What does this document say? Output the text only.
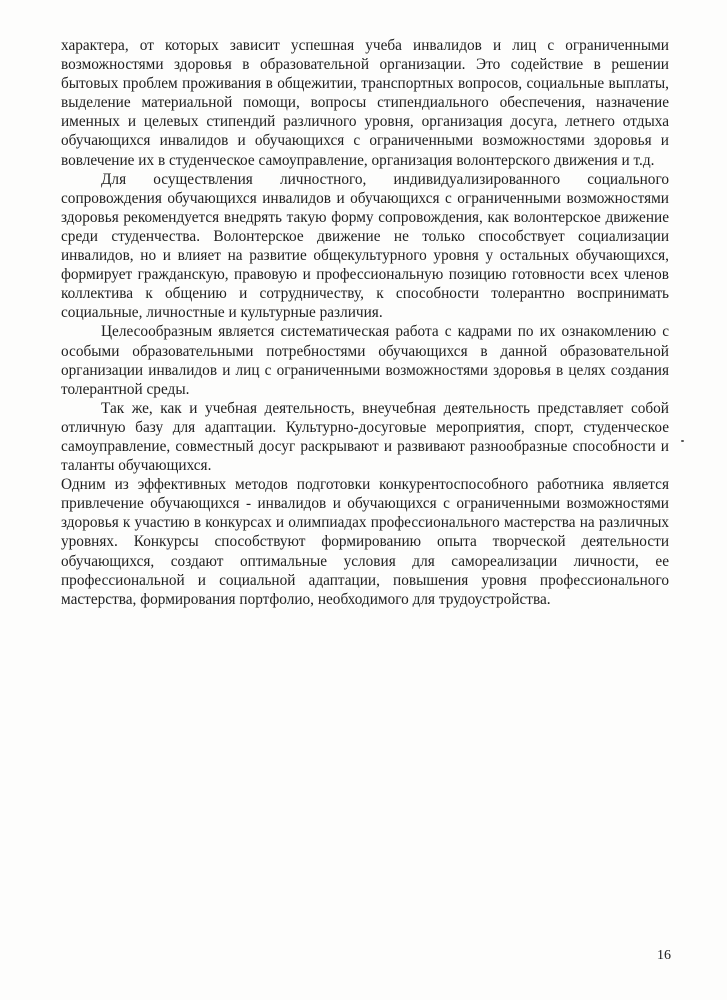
характера, от которых зависит успешная учеба инвалидов и лиц с ограниченными возможностями здоровья в образовательной организации. Это содействие в решении бытовых проблем проживания в общежитии, транспортных вопросов, социальные выплаты, выделение материальной помощи, вопросы стипендиального обеспечения, назначение именных и целевых стипендий различного уровня, организация досуга, летнего отдыха обучающихся инвалидов и обучающихся с ограниченными возможностями здоровья и вовлечение их в студенческое самоуправление, организация волонтерского движения и т.д.

Для осуществления личностного, индивидуализированного социального сопровождения обучающихся инвалидов и обучающихся с ограниченными возможностями здоровья рекомендуется внедрять такую форму сопровождения, как волонтерское движение среди студенчества. Волонтерское движение не только способствует социализации инвалидов, но и влияет на развитие общекультурного уровня у остальных обучающихся, формирует гражданскую, правовую и профессиональную позицию готовности всех членов коллектива к общению и сотрудничеству, к способности толерантно воспринимать социальные, личностные и культурные различия.

Целесообразным является систематическая работа с кадрами по их ознакомлению с особыми образовательными потребностями обучающихся в данной образовательной организации инвалидов и лиц с ограниченными возможностями здоровья в целях создания толерантной среды.

Так же, как и учебная деятельность, внеучебная деятельность представляет собой отличную базу для адаптации. Культурно-досуговые мероприятия, спорт, студенческое самоуправление, совместный досуг раскрывают и развивают разнообразные способности и таланты обучающихся.

Одним из эффективных методов подготовки конкурентоспособного работника является привлечение обучающихся - инвалидов и обучающихся с ограниченными возможностями здоровья к участию в конкурсах и олимпиадах профессионального мастерства на различных уровнях. Конкурсы способствуют формированию опыта творческой деятельности обучающихся, создают оптимальные условия для самореализации личности, ее профессиональной и социальной адаптации, повышения уровня профессионального мастерства, формирования портфолио, необходимого для трудоустройства.

16
